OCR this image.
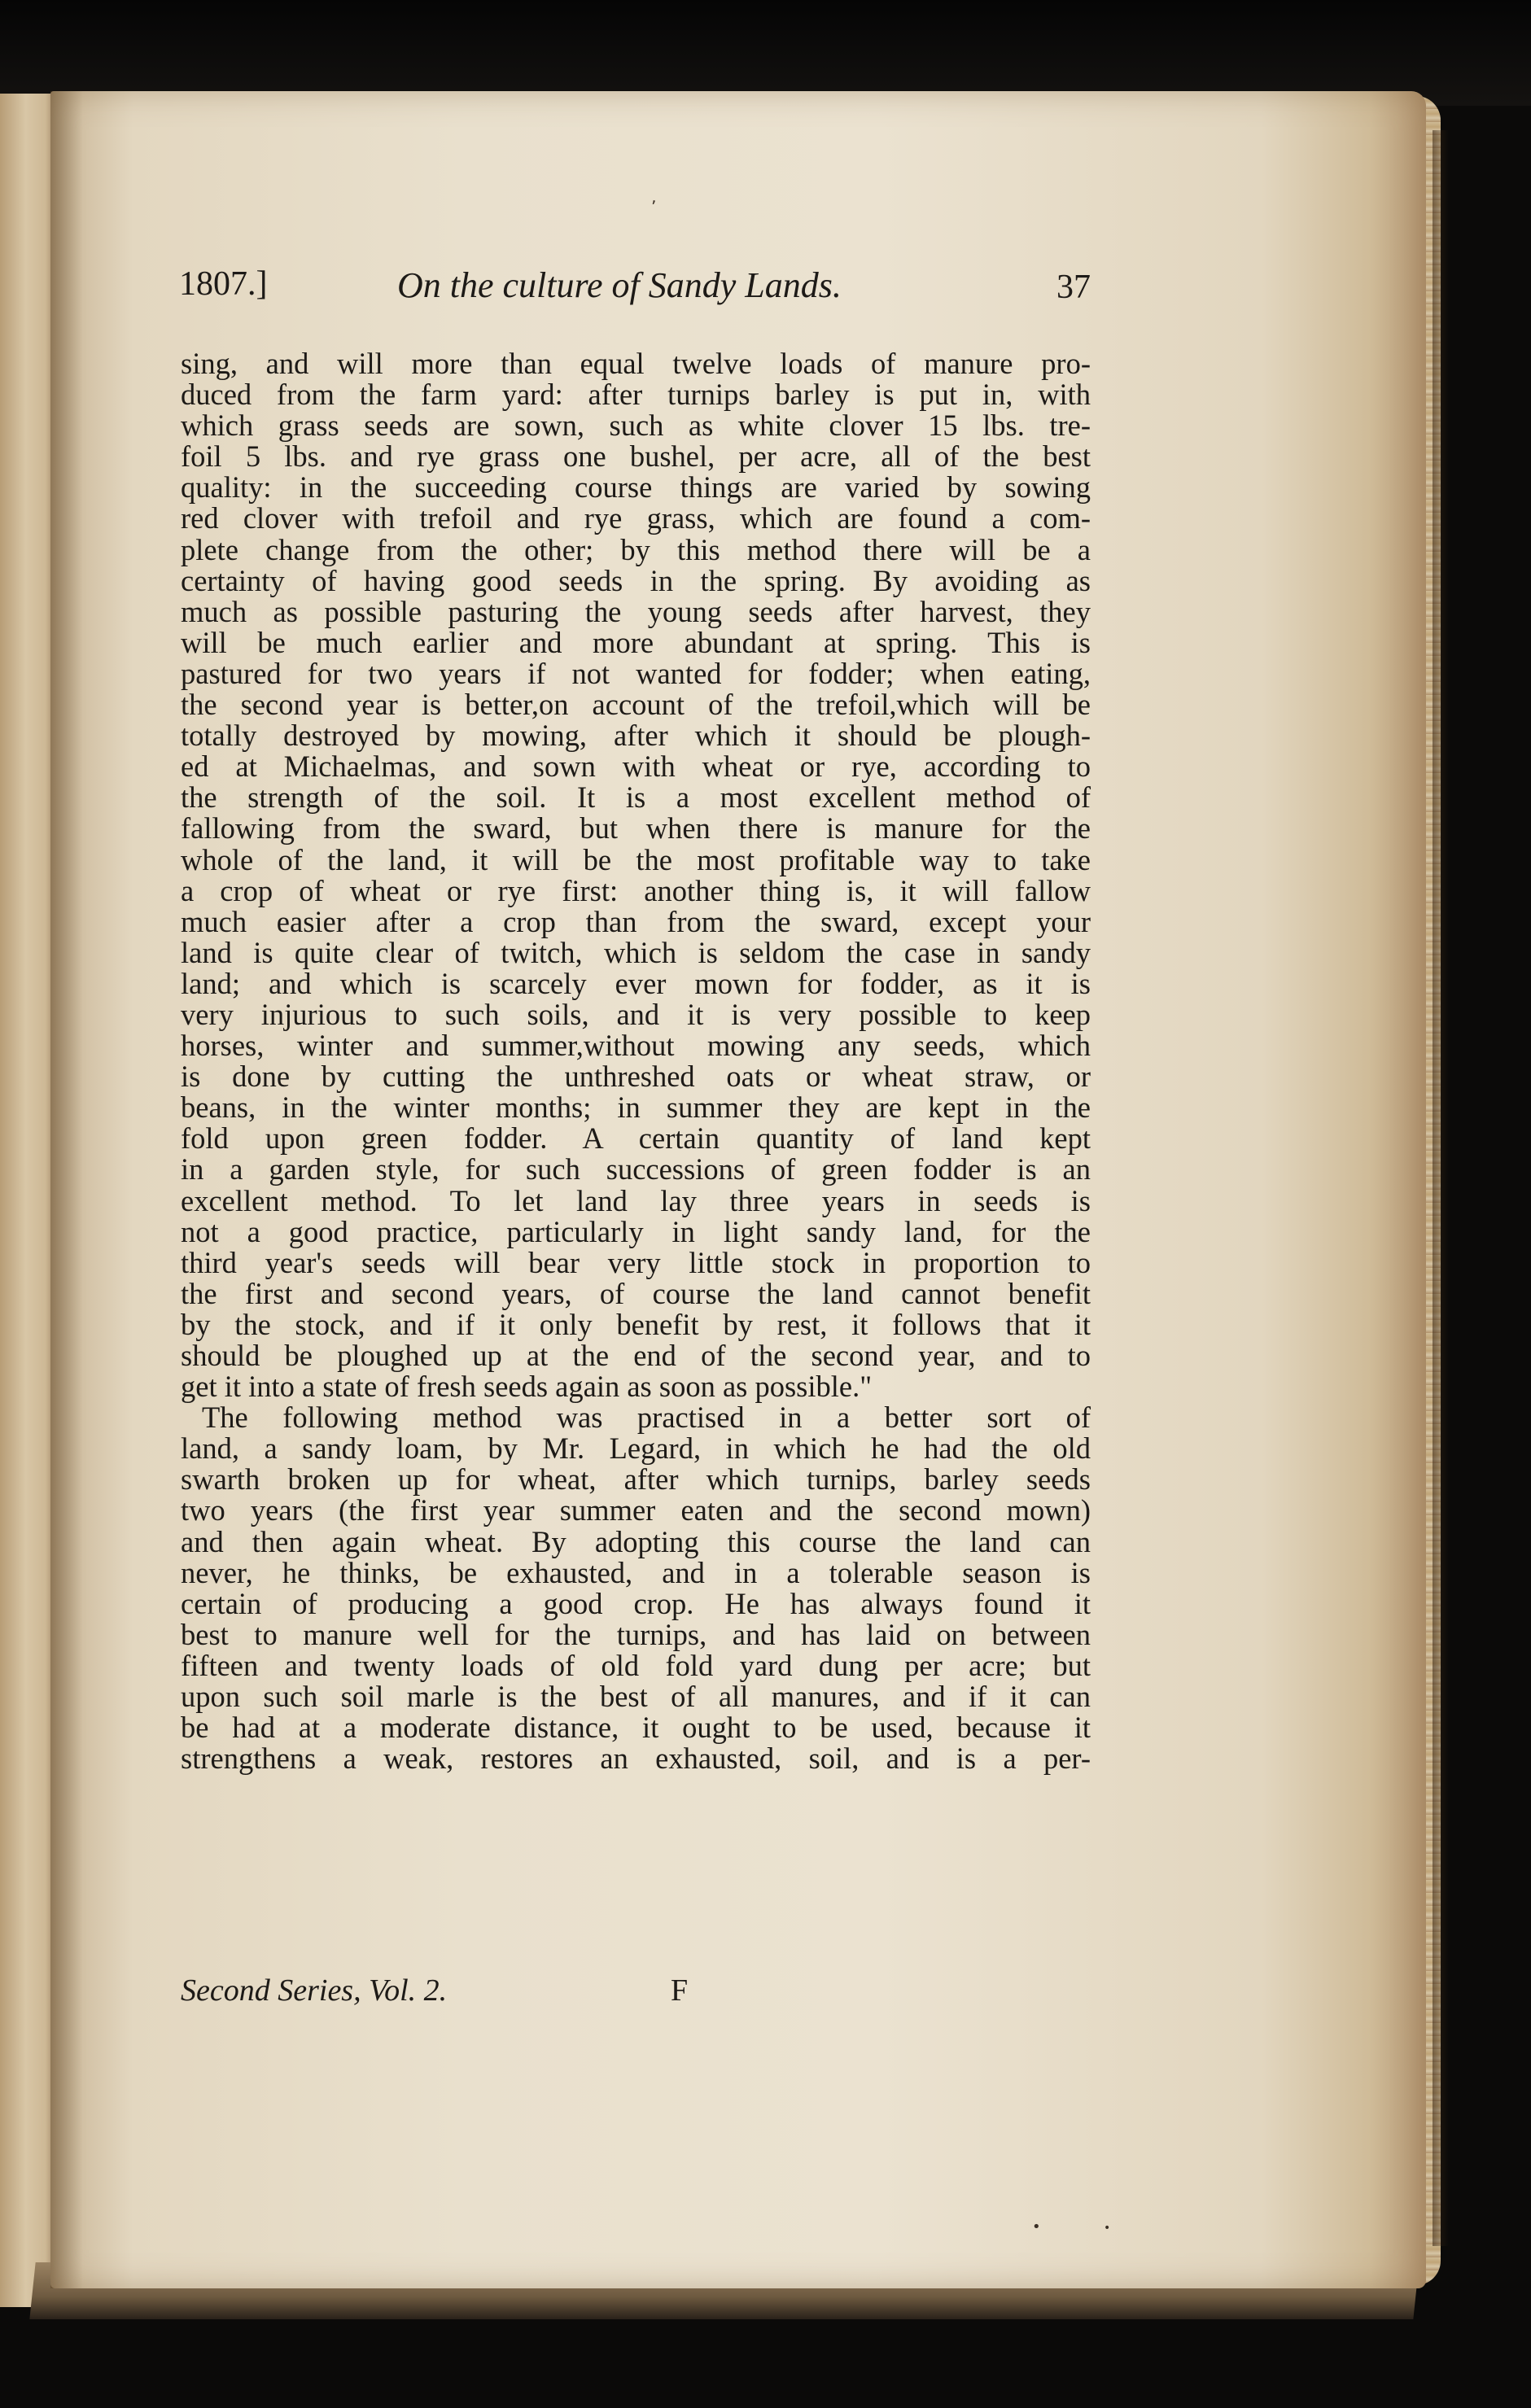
ʼ
•	•
1807.]	On the culture of Sandy Lands.	37
sing, and will more than equal twelve loads of manure pro-
duced from the farm yard: after turnips barley is put in, with
which grass seeds are sown, such as white clover 15 lbs. tre-
foil 5 lbs. and rye grass one bushel, per acre, all of the best
quality: in the succeeding course things are varied by sowing
red clover with trefoil and rye grass, which are found a com-
plete change from the other; by this method there will be a
certainty of having good seeds in the spring. By avoiding as
much as possible pasturing the young seeds after harvest, they
will be much earlier and more abundant at spring. This is
pastured for two years if not wanted for fodder; when eating,
the second year is better,on account of the trefoil,which will be
totally destroyed by mowing, after which it should be plough-
ed at Michaelmas, and sown with wheat or rye, according to
the strength of the soil. It is a most excellent method of
fallowing from the sward, but when there is manure for the
whole of the land, it will be the most profitable way to take
a crop of wheat or rye first: another thing is, it will fallow
much easier after a crop than from the sward, except your
land is quite clear of twitch, which is seldom the case in sandy
land; and which is scarcely ever mown for fodder, as it is
very injurious to such soils, and it is very possible to keep
horses, winter and summer,without mowing any seeds, which
is done by cutting the unthreshed oats or wheat straw, or
beans, in the winter months; in summer they are kept in the
fold upon green fodder. A certain quantity of land kept
in a garden style, for such successions of green fodder is an
excellent method. To let land lay three years in seeds is
not a good practice, particularly in light sandy land, for the
third year's seeds will bear very little stock in proportion to
the first and second years, of course the land cannot benefit
by the stock, and if it only benefit by rest, it follows that it
should be ploughed up at the end of the second year, and to
get it into a state of fresh seeds again as soon as possible."
The following method was practised in a better sort of
land, a sandy loam, by Mr. Legard, in which he had the old
swarth broken up for wheat, after which turnips, barley seeds
two years (the first year summer eaten and the second mown)
and then again wheat. By adopting this course the land can
never, he thinks, be exhausted, and in a tolerable season is
certain of producing a good crop. He has always found it
best to manure well for the turnips, and has laid on between
fifteen and twenty loads of old fold yard dung per acre; but
upon such soil marle is the best of all manures, and if it can
be had at a moderate distance, it ought to be used, because it
strengthens a weak, restores an exhausted, soil, and is a per-
Second Series, Vol. 2.	F
